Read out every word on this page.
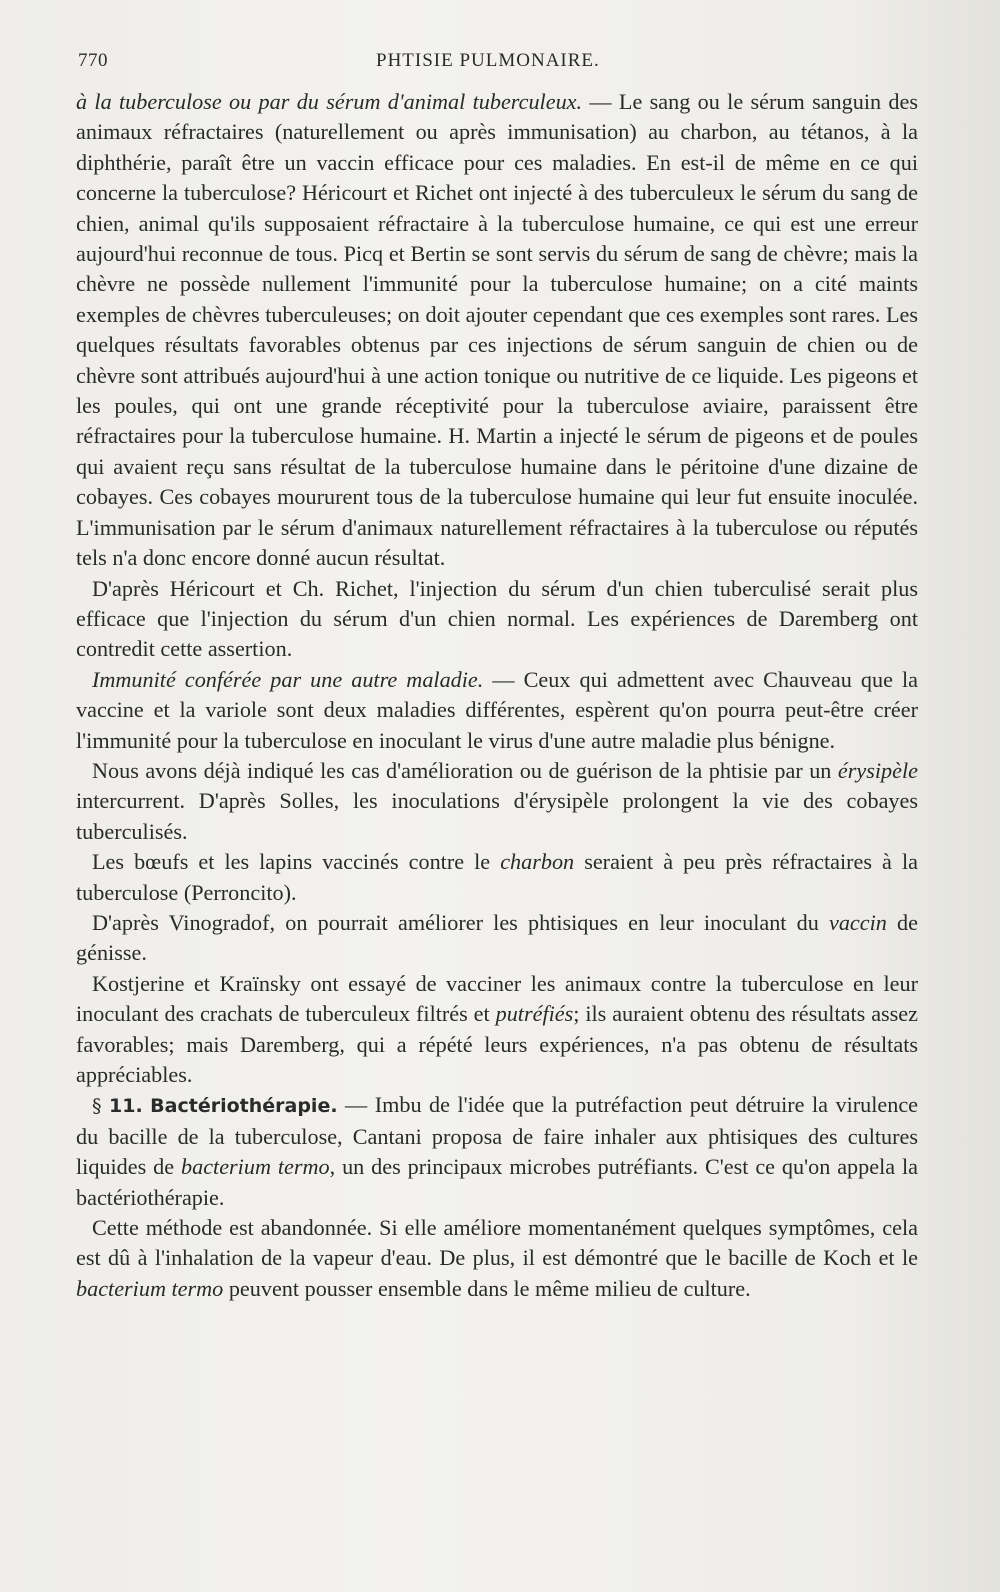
770	PHTISIE PULMONAIRE.

à la tuberculose ou par du sérum d'animal tuberculeux. — Le sang ou le sérum sanguin des animaux réfractaires (naturellement ou après immunisation) au charbon, au tétanos, à la diphthérie, paraît être un vaccin efficace pour ces maladies. En est-il de même en ce qui concerne la tuberculose? Héricourt et Richet ont injecté à des tuberculeux le sérum du sang de chien, animal qu'ils supposaient réfractaire à la tuberculose humaine, ce qui est une erreur aujourd'hui reconnue de tous. Picq et Bertin se sont servis du sérum de sang de chèvre; mais la chèvre ne possède nullement l'immunité pour la tuberculose humaine; on a cité maints exemples de chèvres tuberculeuses; on doit ajouter cependant que ces exemples sont rares. Les quelques résultats favorables obtenus par ces injections de sérum sanguin de chien ou de chèvre sont attribués aujourd'hui à une action tonique ou nutritive de ce liquide. Les pigeons et les poules, qui ont une grande réceptivité pour la tuberculose aviaire, paraissent être réfractaires pour la tuberculose humaine. H. Martin a injecté le sérum de pigeons et de poules qui avaient reçu sans résultat de la tuberculose humaine dans le péritoine d'une dizaine de cobayes. Ces cobayes moururent tous de la tuberculose humaine qui leur fut ensuite inoculée. L'immunisation par le sérum d'animaux naturellement réfractaires à la tuberculose ou réputés tels n'a donc encore donné aucun résultat.

D'après Héricourt et Ch. Richet, l'injection du sérum d'un chien tuberculisé serait plus efficace que l'injection du sérum d'un chien normal. Les expériences de Daremberg ont contredit cette assertion.

Immunité conférée par une autre maladie. — Ceux qui admettent avec Chauveau que la vaccine et la variole sont deux maladies différentes, espèrent qu'on pourra peut-être créer l'immunité pour la tuberculose en inoculant le virus d'une autre maladie plus bénigne.

Nous avons déjà indiqué les cas d'amélioration ou de guérison de la phtisie par un érysipèle intercurrent. D'après Solles, les inoculations d'érysipèle prolongent la vie des cobayes tuberculisés.

Les bœufs et les lapins vaccinés contre le charbon seraient à peu près réfractaires à la tuberculose (Perroncito).

D'après Vinogradof, on pourrait améliorer les phtisiques en leur inoculant du vaccin de génisse.

Kostjerine et Kraïnsky ont essayé de vacciner les animaux contre la tuberculose en leur inoculant des crachats de tuberculeux filtrés et putréfiés; ils auraient obtenu des résultats assez favorables; mais Daremberg, qui a répété leurs expériences, n'a pas obtenu de résultats appréciables.

§ 11. Bactériothérapie. — Imbu de l'idée que la putréfaction peut détruire la virulence du bacille de la tuberculose, Cantani proposa de faire inhaler aux phtisiques des cultures liquides de bacterium termo, un des principaux microbes putréfiants. C'est ce qu'on appela la bactériothérapie.

Cette méthode est abandonnée. Si elle améliore momentanément quelques symptômes, cela est dû à l'inhalation de la vapeur d'eau. De plus, il est démontré que le bacille de Koch et le bacterium termo peuvent pousser ensemble dans le même milieu de culture.
